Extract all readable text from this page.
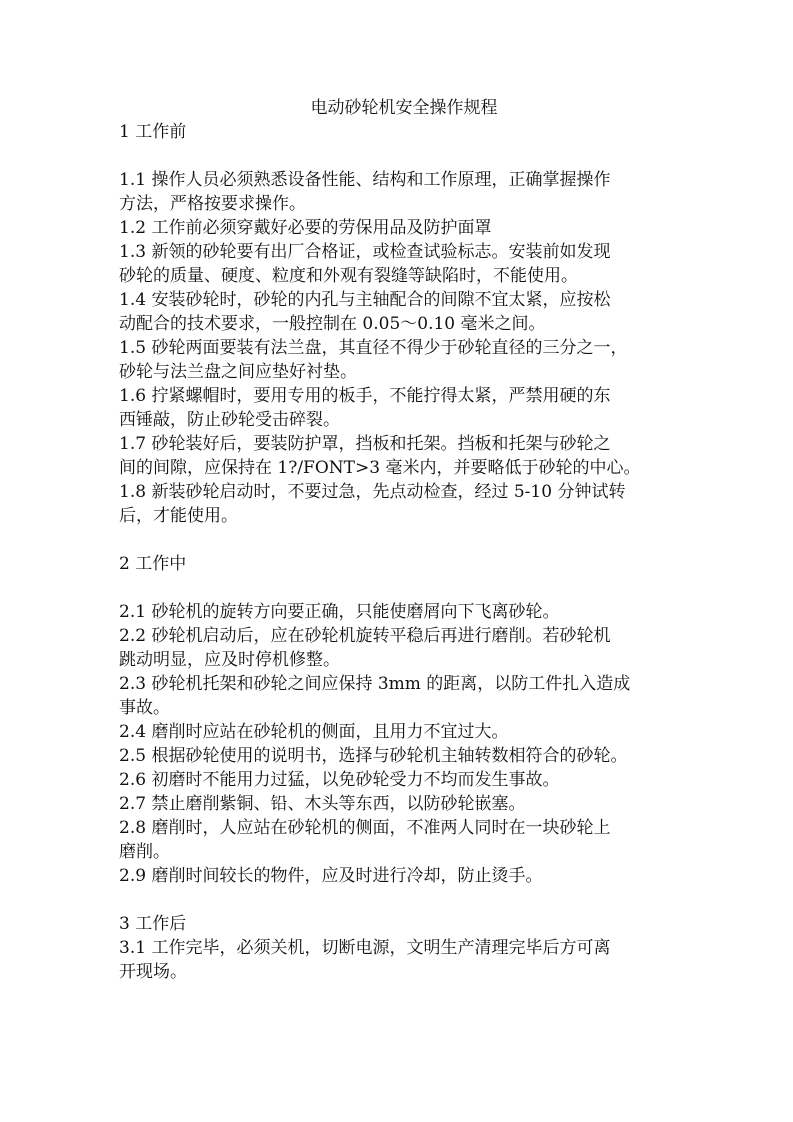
电动砂轮机安全操作规程
1 工作前
1.1 操作人员必须熟悉设备性能、结构和工作原理，正确掌握操作
方法，严格按要求操作。
1.2 工作前必须穿戴好必要的劳保用品及防护面罩
1.3 新领的砂轮要有出厂合格证，或检查试验标志。安装前如发现
砂轮的质量、硬度、粒度和外观有裂缝等缺陷时，不能使用。
1.4 安装砂轮时，砂轮的内孔与主轴配合的间隙不宜太紧，应按松
动配合的技术要求，一般控制在 0.05～0.10 毫米之间。
1.5 砂轮两面要装有法兰盘，其直径不得少于砂轮直径的三分之一，
砂轮与法兰盘之间应垫好衬垫。
1.6 拧紧螺帽时，要用专用的板手，不能拧得太紧，严禁用硬的东
西锤敲，防止砂轮受击碎裂。
1.7 砂轮装好后，要装防护罩，挡板和托架。挡板和托架与砂轮之
间的间隙，应保持在 1?/FONT>3 毫米内，并要略低于砂轮的中心。
1.8 新装砂轮启动时，不要过急，先点动检查，经过 5-10 分钟试转
后，才能使用。
2 工作中
2.1 砂轮机的旋转方向要正确，只能使磨屑向下飞离砂轮。
2.2 砂轮机启动后，应在砂轮机旋转平稳后再进行磨削。若砂轮机
跳动明显，应及时停机修整。
2.3 砂轮机托架和砂轮之间应保持 3mm 的距离，以防工件扎入造成
事故。
2.4 磨削时应站在砂轮机的侧面，且用力不宜过大。
2.5 根据砂轮使用的说明书，选择与砂轮机主轴转数相符合的砂轮。
2.6 初磨时不能用力过猛，以免砂轮受力不均而发生事故。
2.7 禁止磨削紫铜、铅、木头等东西，以防砂轮嵌塞。
2.8 磨削时，人应站在砂轮机的侧面，不准两人同时在一块砂轮上
磨削。
2.9 磨削时间较长的物件，应及时进行冷却，防止烫手。
3 工作后
3.1 工作完毕，必须关机，切断电源，文明生产清理完毕后方可离
开现场。
